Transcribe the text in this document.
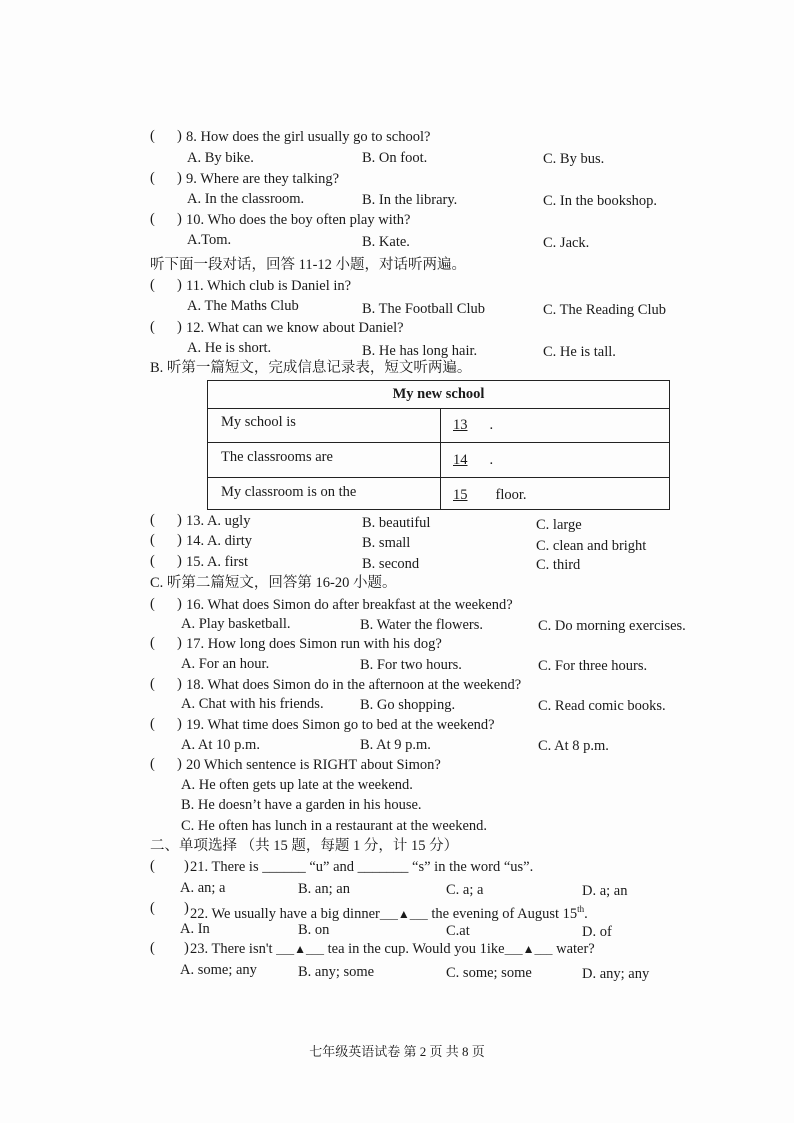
( ) 8. How does the girl usually go to school?
A. By bike.	B. On foot.	C. By bus.
( ) 9. Where are they talking?
A. In the classroom.	B. In the library.	C. In the bookshop.
( ) 10. Who does the boy often play with?
A.Tom.	B. Kate.	C. Jack.
听下面一段对话，回答 11-12 小题，对话听两遍。
( ) 11. Which club is Daniel in?
A. The Maths Club	B. The Football Club	C. The Reading Club
( ) 12. What can we know about Daniel?
A. He is short.	B. He has long hair.	C. He is tall.
B. 听第一篇短文，完成信息记录表，短文听两遍。
My new school
My school is	13 .
The classrooms are	14 .
My classroom is on the	15 floor.
( ) 13. A. ugly	B. beautiful	C. large
( ) 14. A. dirty	B. small	C. clean and bright
( ) 15. A. first	B. second	C. third
C. 听第二篇短文，回答第 16-20 小题。
( ) 16. What does Simon do after breakfast at the weekend?
A. Play basketball.	B. Water the flowers.	C. Do morning exercises.
( ) 17. How long does Simon run with his dog?
A. For an hour.	B. For two hours.	C. For three hours.
( ) 18. What does Simon do in the afternoon at the weekend?
A. Chat with his friends.	B. Go shopping.	C. Read comic books.
( ) 19. What time does Simon go to bed at the weekend?
A. At 10 p.m.	B. At 9 p.m.	C. At 8 p.m.
( ) 20 Which sentence is RIGHT about Simon?
A. He often gets up late at the weekend.
B. He doesn’t have a garden in his house.
C. He often has lunch in a restaurant at the weekend.
二、单项选择 （共 15 题，每题 1 分，计 15 分）
( ) 21. There is ______ “u” and _______ “s” in the word “us”.
A. an; a	B. an; an	C. a; a	D. a; an
( ) 22. We usually have a big dinner___▲___ the evening of August 15th.
A. In	B. on	C.at	D. of
( ) 23. There isn't ___▲___ tea in the cup. Would you 1ike___▲___ water?
A. some; any	B. any; some	C. some; some	D. any; any
七年级英语试卷 第 2 页 共 8 页
